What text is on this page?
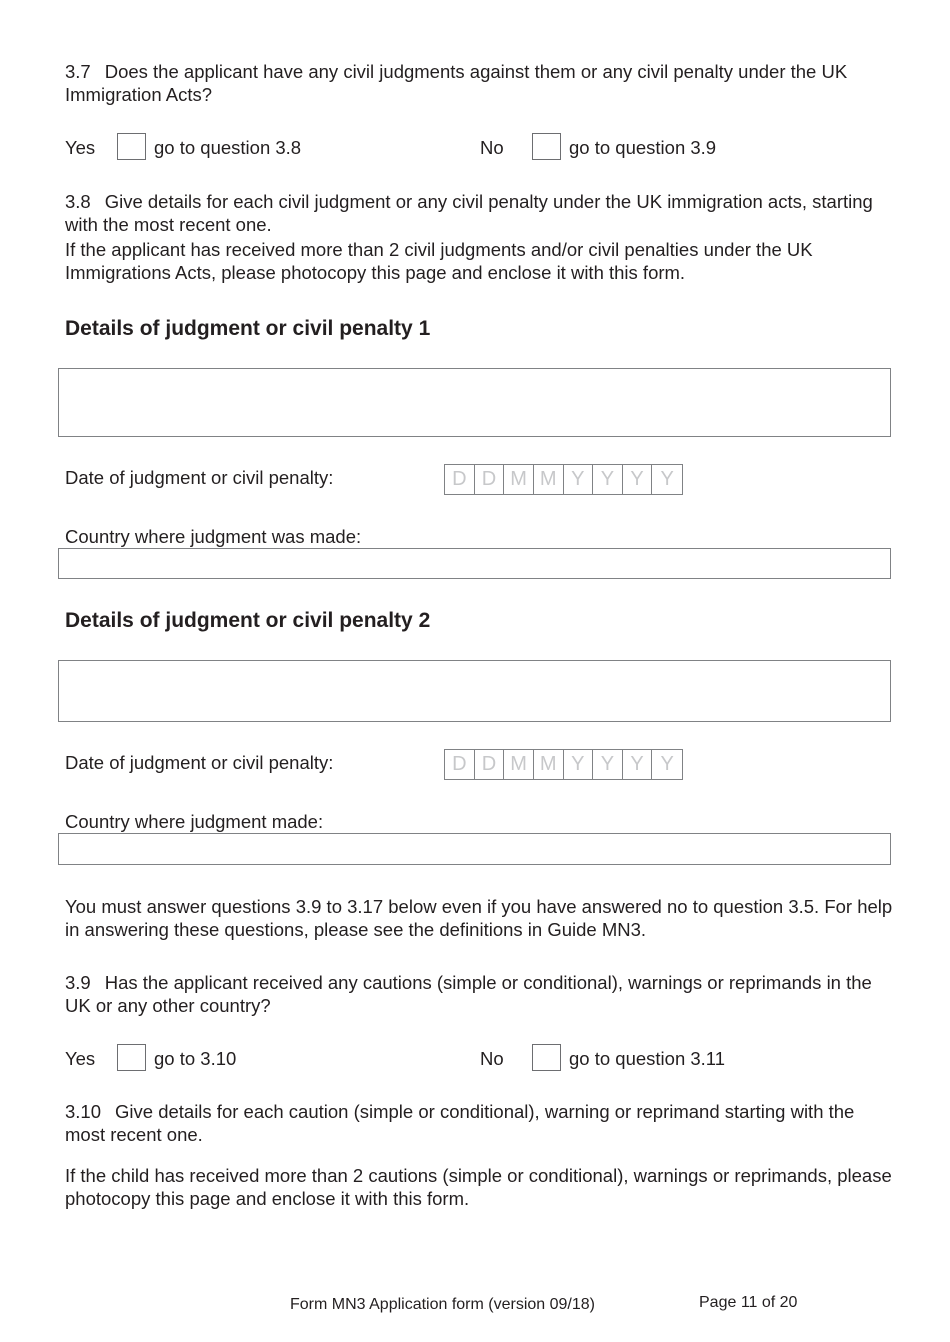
3.7 Does the applicant have any civil judgments against them or any civil penalty under the UK Immigration Acts?
Yes	go to question 3.8	No	go to question 3.9
3.8 Give details for each civil judgment or any civil penalty under the UK immigration acts, starting with the most recent one.
If the applicant has received more than 2 civil judgments and/or civil penalties under the UK Immigrations Acts, please photocopy this page and enclose it with this form.
Details of judgment or civil penalty 1
Date of judgment or civil penalty:	D D M M Y Y Y Y
Country where judgment was made:
Details of judgment or civil penalty 2
Date of judgment or civil penalty:	D D M M Y Y Y Y
Country where judgment made:
You must answer questions 3.9 to 3.17 below even if you have answered no to question 3.5. For help in answering these questions, please see the definitions in Guide MN3.
3.9 Has the applicant received any cautions (simple or conditional), warnings or reprimands in the UK or any other country?
Yes	go to 3.10	No	go to question 3.11
3.10 Give details for each caution (simple or conditional), warning or reprimand starting with the most recent one.
If the child has received more than 2 cautions (simple or conditional), warnings or reprimands, please photocopy this page and enclose it with this form.
Form MN3 Application form (version 09/18)	Page 11 of 20
